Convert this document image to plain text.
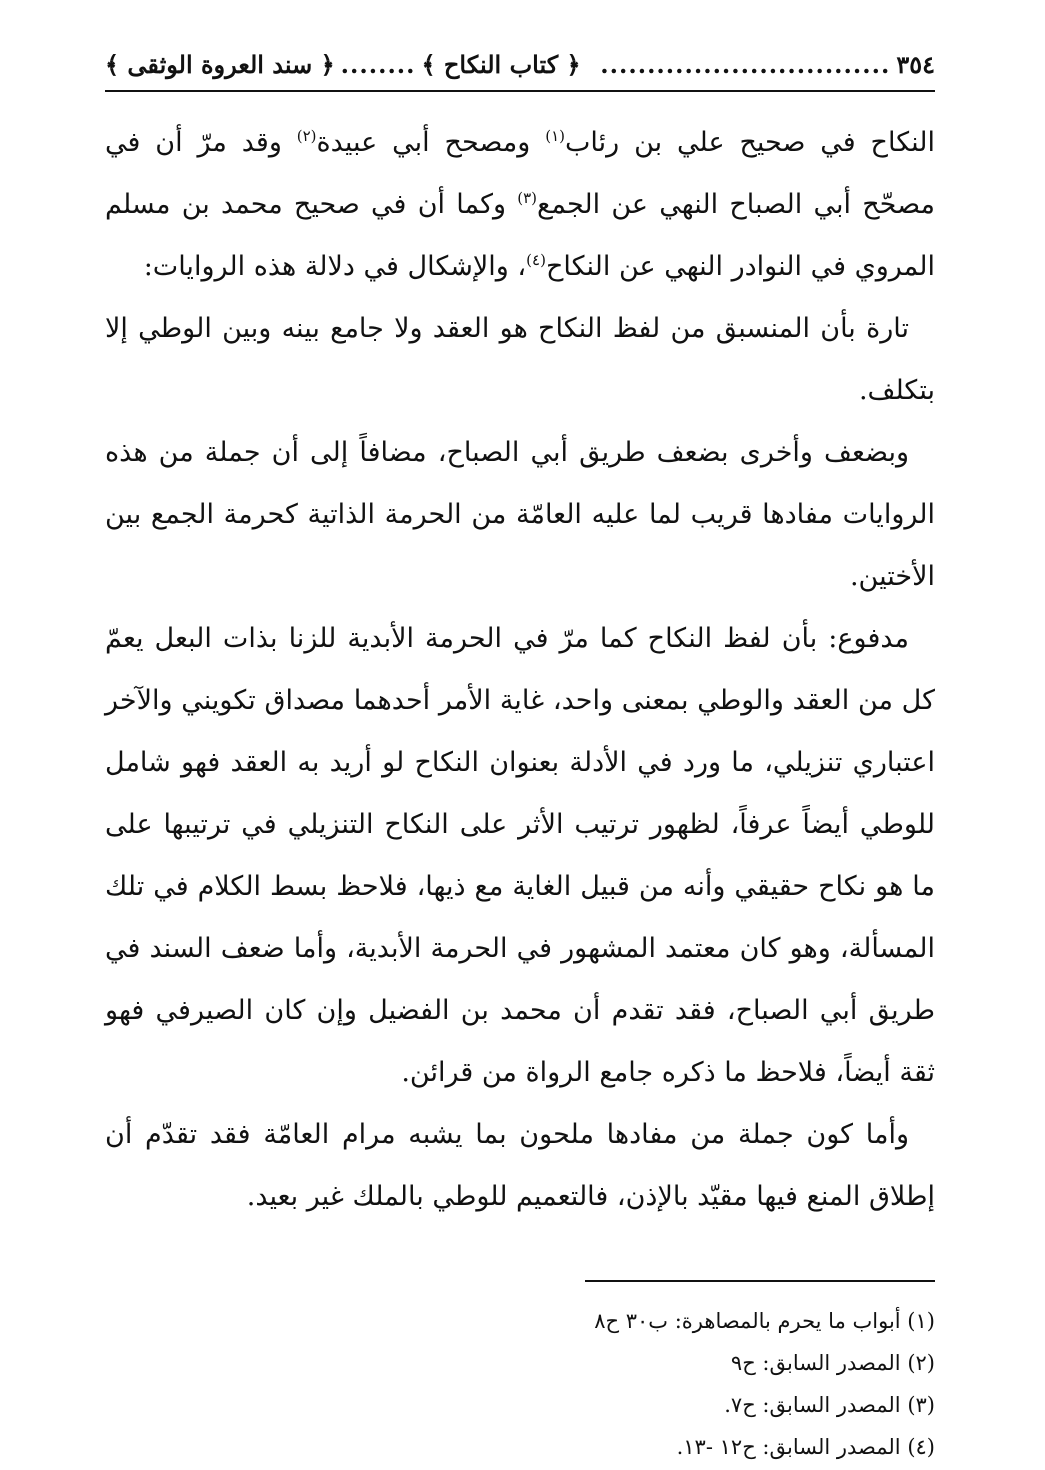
٣٥٤
...............................
﴿ كتاب النكاح ﴾
........
﴿ سند العروة الوثقى ﴾

النكاح في صحيح علي بن رئاب$^{(١)}$ ومصحح أبي عبيدة$^{(٢)}$ وقد مرّ أن في مصحّح أبي الصباح النهي عن الجمع$^{(٣)}$ وكما أن في صحيح محمد بن مسلم المروي في النوادر النهي عن النكاح$^{(٤)}$، والإشكال في دلالة هذه الروايات:

تارة بأن المنسبق من لفظ النكاح هو العقد ولا جامع بينه وبين الوطي إلا بتكلف.

وبضعف وأخرى بضعف طريق أبي الصباح، مضافاً إلى أن جملة من هذه الروايات مفادها قريب لما عليه العامّة من الحرمة الذاتية كحرمة الجمع بين الأختين.

مدفوع: بأن لفظ النكاح كما مرّ في الحرمة الأبدية للزنا بذات البعل يعمّ كل من العقد والوطي بمعنى واحد، غاية الأمر أحدهما مصداق تكويني والآخر اعتباري تنزيلي، ما ورد في الأدلة بعنوان النكاح لو أريد به العقد فهو شامل للوطي أيضاً عرفاً، لظهور ترتيب الأثر على النكاح التنزيلي في ترتيبها على ما هو نكاح حقيقي وأنه من قبيل الغاية مع ذيها، فلاحظ بسط الكلام في تلك المسألة، وهو كان معتمد المشهور في الحرمة الأبدية، وأما ضعف السند في طريق أبي الصباح، فقد تقدم أن محمد بن الفضيل وإن كان الصيرفي فهو ثقة أيضاً، فلاحظ ما ذكره جامع الرواة من قرائن.

وأما كون جملة من مفادها ملحون بما يشبه مرام العامّة فقد تقدّم أن إطلاق المنع فيها مقيّد بالإذن، فالتعميم للوطي بالملك غير بعيد.

(١) أبواب ما يحرم بالمصاهرة: ب٣٠ ح٨

(٢) المصدر السابق: ح٩

(٣) المصدر السابق: ح٧.

(٤) المصدر السابق: ح١٢ -١٣.
